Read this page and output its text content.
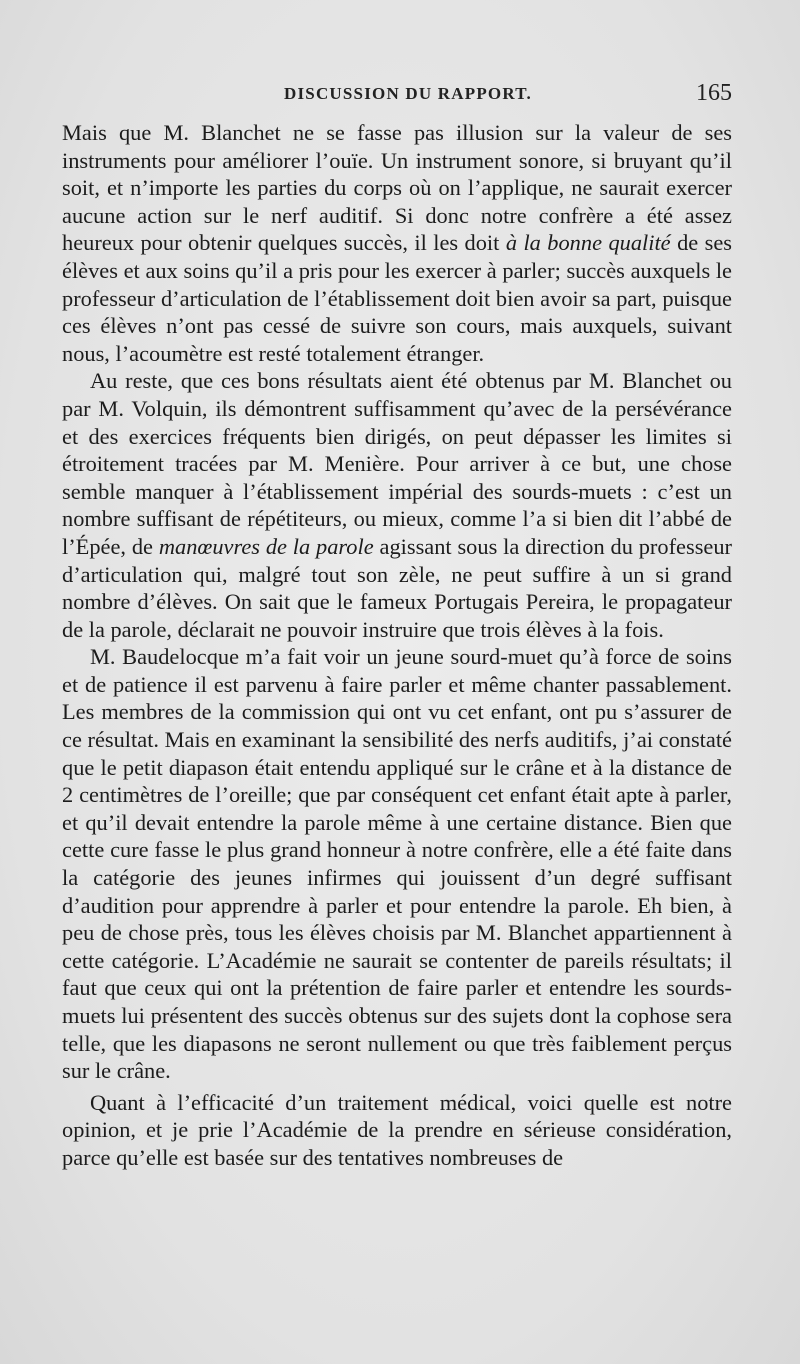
DISCUSSION DU RAPPORT.	165

Mais que M. Blanchet ne se fasse pas illusion sur la valeur de ses instruments pour améliorer l’ouïe. Un instrument sonore, si bruyant qu’il soit, et n’importe les parties du corps où on l’applique, ne saurait exercer aucune action sur le nerf auditif. Si donc notre confrère a été assez heureux pour obtenir quelques succès, il les doit à la bonne qualité de ses élèves et aux soins qu’il a pris pour les exercer à parler; succès auxquels le professeur d’articulation de l’établissement doit bien avoir sa part, puisque ces élèves n’ont pas cessé de suivre son cours, mais auxquels, suivant nous, l’acoumètre est resté totalement étranger.

Au reste, que ces bons résultats aient été obtenus par M. Blanchet ou par M. Volquin, ils démontrent suffisamment qu’avec de la persévérance et des exercices fréquents bien dirigés, on peut dépasser les limites si étroitement tracées par M. Menière. Pour arriver à ce but, une chose semble manquer à l’établissement impérial des sourds-muets : c’est un nombre suffisant de répétiteurs, ou mieux, comme l’a si bien dit l’abbé de l’Épée, de manœuvres de la parole agissant sous la direction du professeur d’articulation qui, malgré tout son zèle, ne peut suffire à un si grand nombre d’élèves. On sait que le fameux Portugais Pereira, le propagateur de la parole, déclarait ne pouvoir instruire que trois élèves à la fois.

M. Baudelocque m’a fait voir un jeune sourd-muet qu’à force de soins et de patience il est parvenu à faire parler et même chanter passablement. Les membres de la commission qui ont vu cet enfant, ont pu s’assurer de ce résultat. Mais en examinant la sensibilité des nerfs auditifs, j’ai constaté que le petit diapason était entendu appliqué sur le crâne et à la distance de 2 centimètres de l’oreille; que par conséquent cet enfant était apte à parler, et qu’il devait entendre la parole même à une certaine distance. Bien que cette cure fasse le plus grand honneur à notre confrère, elle a été faite dans la catégorie des jeunes infirmes qui jouissent d’un degré suffisant d’audition pour apprendre à parler et pour entendre la parole. Eh bien, à peu de chose près, tous les élèves choisis par M. Blanchet appartiennent à cette catégorie. L’Académie ne saurait se contenter de pareils résultats; il faut que ceux qui ont la prétention de faire parler et entendre les sourds-muets lui présentent des succès obtenus sur des sujets dont la cophose sera telle, que les diapasons ne seront nullement ou que très faiblement perçus sur le crâne.

Quant à l’efficacité d’un traitement médical, voici quelle est notre opinion, et je prie l’Académie de la prendre en sérieuse considération, parce qu’elle est basée sur des tentatives nombreuses de
